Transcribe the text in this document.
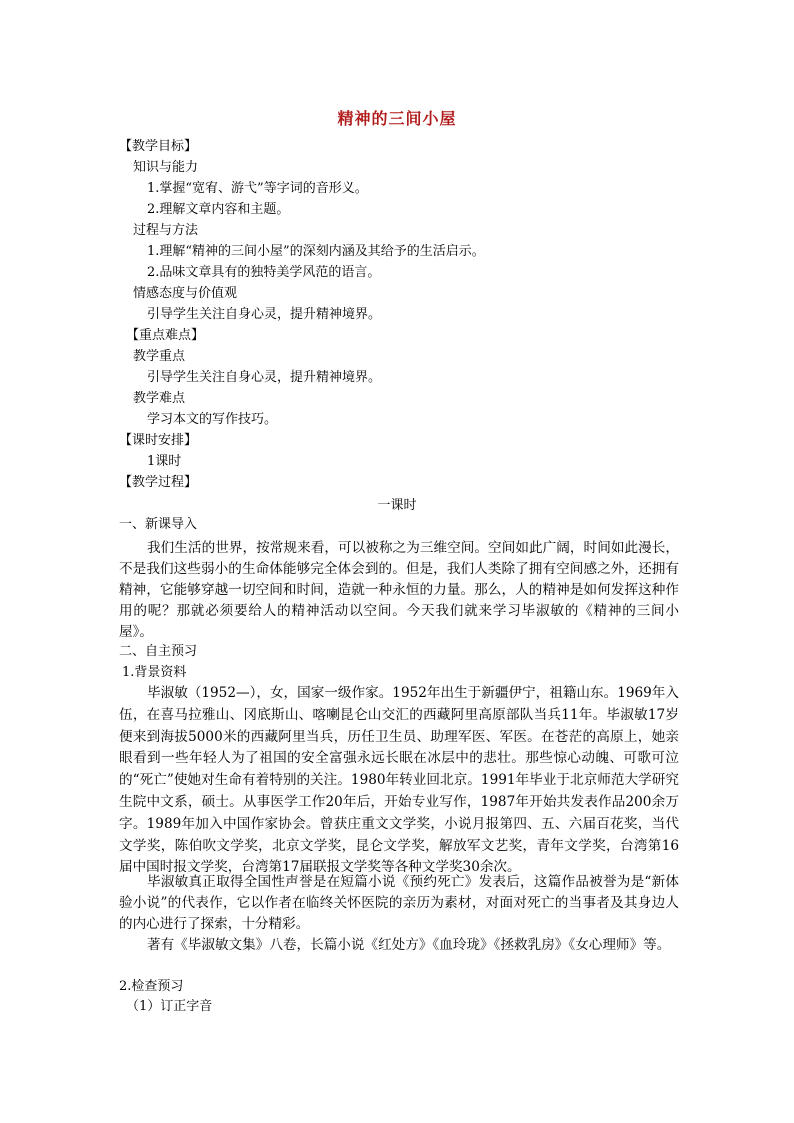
精神的三间小屋
【教学目标】
知识与能力
1.掌握“宽宥、游弋”等字词的音形义。
2.理解文章内容和主题。
过程与方法
1.理解“精神的三间小屋”的深刻内涵及其给予的生活启示。
2.品味文章具有的独特美学风范的语言。
情感态度与价值观
引导学生关注自身心灵，提升精神境界。
【重点难点】
教学重点
引导学生关注自身心灵，提升精神境界。
教学难点
学习本文的写作技巧。
【课时安排】
1课时
【教学过程】
一课时
一、新课导入
我们生活的世界，按常规来看，可以被称之为三维空间。空间如此广阔，时间如此漫长，不是我们这些弱小的生命体能够完全体会到的。但是，我们人类除了拥有空间感之外，还拥有精神，它能够穿越一切空间和时间，造就一种永恒的力量。那么，人的精神是如何发挥这种作用的呢？那就必须要给人的精神活动以空间。今天我们就来学习毕淑敏的《精神的三间小屋》。
二、自主预习
1.背景资料
毕淑敏（1952—），女，国家一级作家。1952年出生于新疆伊宁，祖籍山东。1969年入伍，在喜马拉雅山、冈底斯山、喀喇昆仑山交汇的西藏阿里高原部队当兵11年。毕淑敏17岁便来到海拔5000米的西藏阿里当兵，历任卫生员、助理军医、军医。在苍茫的高原上，她亲眼看到一些年轻人为了祖国的安全富强永远长眠在冰层中的悲壮。那些惊心动魄、可歌可泣的“死亡”使她对生命有着特别的关注。1980年转业回北京。1991年毕业于北京师范大学研究生院中文系，硕士。从事医学工作20年后，开始专业写作，1987年开始共发表作品200余万字。1989年加入中国作家协会。曾获庄重文文学奖，小说月报第四、五、六届百花奖，当代文学奖，陈伯吹文学奖，北京文学奖，昆仑文学奖，解放军文艺奖，青年文学奖，台湾第16届中国时报文学奖，台湾第17届联报文学奖等各种文学奖30余次。
毕淑敏真正取得全国性声誉是在短篇小说《预约死亡》发表后，这篇作品被誉为是“新体验小说”的代表作，它以作者在临终关怀医院的亲历为素材，对面对死亡的当事者及其身边人的内心进行了探索，十分精彩。
著有《毕淑敏文集》八卷，长篇小说《红处方》《血玲珑》《拯救乳房》《女心理师》等。
2.检查预习
（1）订正字音
